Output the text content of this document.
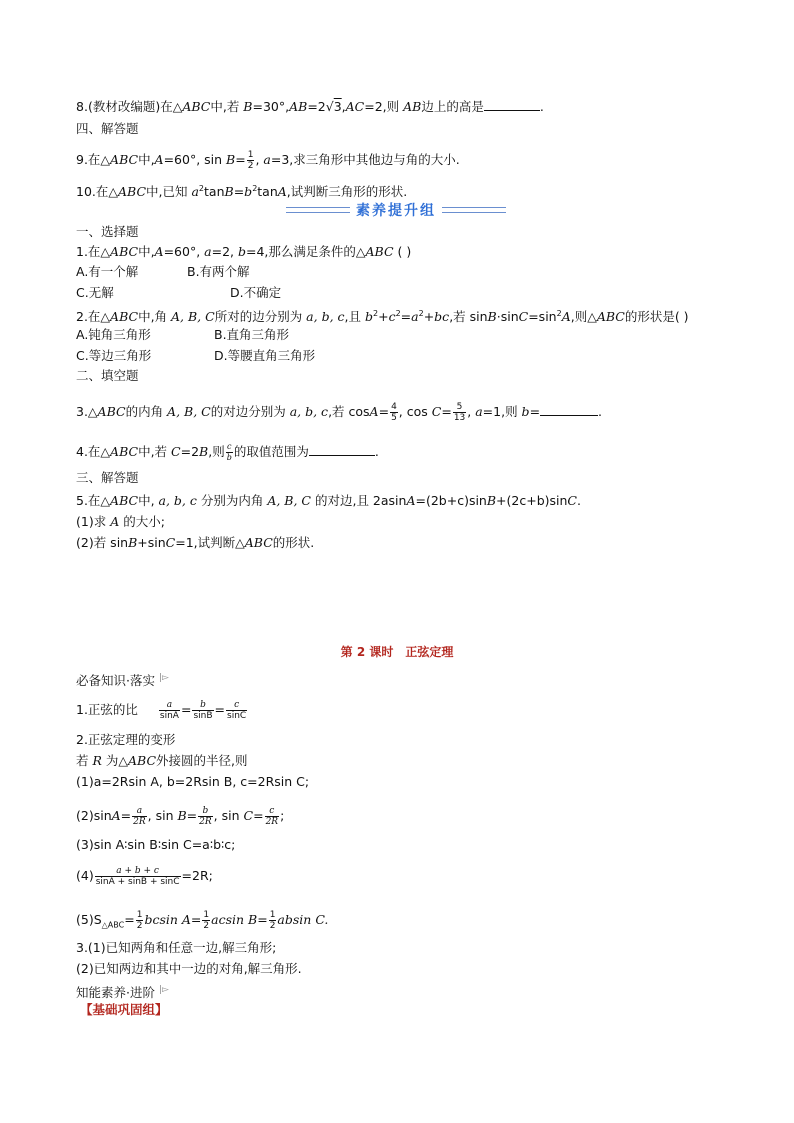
8.(教材改编题)在△ABC中,若 B=30°,AB=2√3,AC=2,则 AB边上的高是	.
四、解答题
9.在△ABC中,A=60°, $\sin B= \frac{1}{2}$ , a=3,求三角形中其他边与角的大小.
10.在△ABC中,已知 $a^2\tan B=b^2\tan A$,试判断三角形的形状.
素养提升组
一、选择题
1.在△ABC中,A=60°, a=2, b=4,那么满足条件的△ABC ( )
A.有一个解	B.有两个解
C.无解	D.不确定
2.在△ABC中,角 A, B, C所对的边分别为 a, b, c,且 $b^2+c^2=a^2+bc$,若 $\sin B\cdot\sin C=\sin^2A$,则△ABC的形状是( )
A.钝角三角形	B.直角三角形
C.等边三角形	D.等腰直角三角形
二、填空题
3.△ABC的内角 A, B, C的对边分别为 a, b, c,若 $\cos A= \frac{4}{5}$ , $\cos C= \frac{5}{13}$ , a=1,则 b=	.
4.在△ABC中,若 C=2B,则 $\frac{c}{b}$ 的取值范围为	.
三、解答题
5.在△ABC中, a, b, c 分别为内角 A, B, C 的对边,且 2asinA=(2b+c)sinB+(2c+b)sinC.
(1)求 A 的大小;
(2)若 sinB+sinC=1,试判断△ABC的形状.
第 2 课时　正弦定理
必备知识·落实 |▻
1.正弦的比 $\frac{a}{\sin A} = \frac{b}{\sin B} = \frac{c}{\sin C}$
2.正弦定理的变形
若 R 为△ABC外接圆的半径,则
(1)a=2Rsin A, b=2Rsin B, c=2Rsin C;
$(2)\sin A= \frac{a}{2R}$ , $\sin B= \frac{b}{2R}$ , $\sin C= \frac{c}{2R}$ ;
(3)sin A∶sin B∶sin C=a∶b∶c;
$(4) \frac{a + b + c}{\sin A + \sin B + \sin C} =2R$;
$(5)S_{\triangle ABC}= \frac{1}{2}$ bcsin $A= \frac{1}{2}$ acsin $B= \frac{1}{2}$ absin C.
3.(1)已知两角和任意一边,解三角形;
(2)已知两边和其中一边的对角,解三角形.
知能素养·进阶 |▻
【基础巩固组】
